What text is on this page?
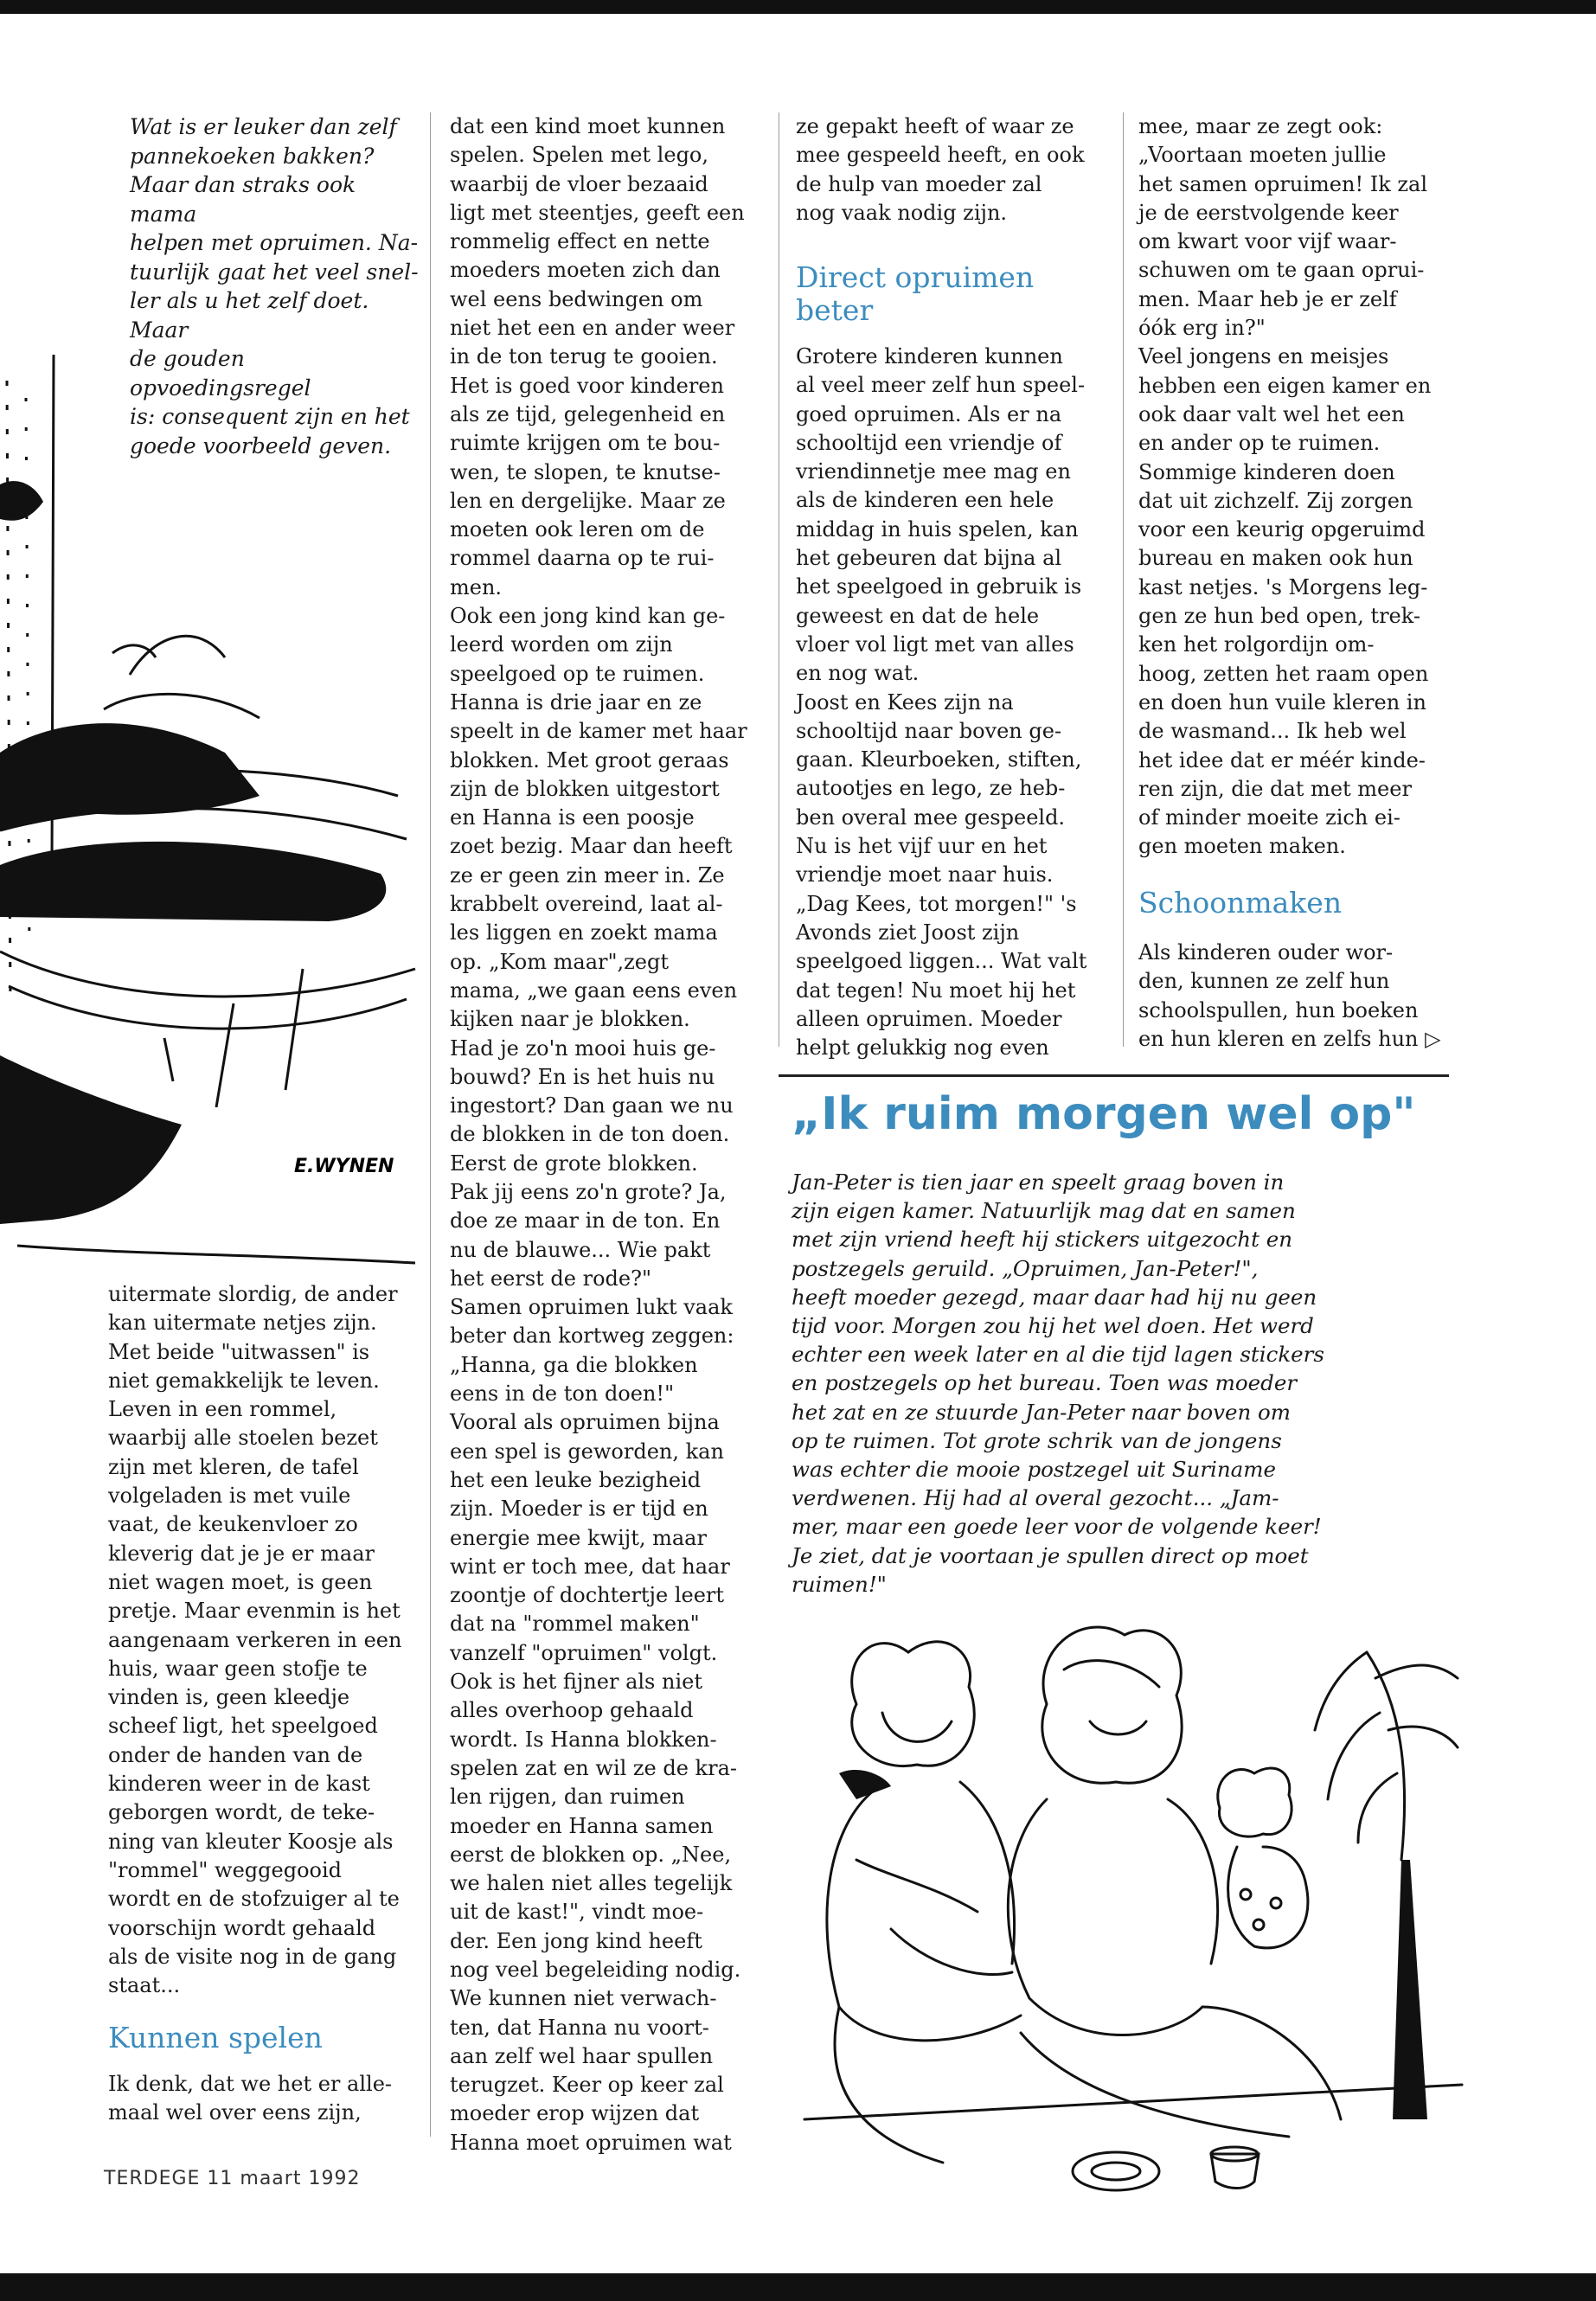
Wat is er leuker dan zelf
pannekoeken bakken?
Maar dan straks ook mama
helpen met opruimen. Na-
tuurlijk gaat het veel snel-
ler als u het zelf doet. Maar
de gouden opvoedingsregel
is: consequent zijn en het
goede voorbeeld geven.
E.WYNEN
uitermate slordig, de ander
kan uitermate netjes zijn.
Met beide "uitwassen" is
niet gemakkelijk te leven.
Leven in een rommel,
waarbij alle stoelen bezet
zijn met kleren, de tafel
volgeladen is met vuile
vaat, de keukenvloer zo
kleverig dat je je er maar
niet wagen moet, is geen
pretje. Maar evenmin is het
aangenaam verkeren in een
huis, waar geen stofje te
vinden is, geen kleedje
scheef ligt, het speelgoed
onder de handen van de
kinderen weer in de kast
geborgen wordt, de teke-
ning van kleuter Koosje als
"rommel" weggegooid
wordt en de stofzuiger al te
voorschijn wordt gehaald
als de visite nog in de gang
staat...
Kunnen spelen
Ik denk, dat we het er alle-
maal wel over eens zijn,
dat een kind moet kunnen
spelen. Spelen met lego,
waarbij de vloer bezaaid
ligt met steentjes, geeft een
rommelig effect en nette
moeders moeten zich dan
wel eens bedwingen om
niet het een en ander weer
in de ton terug te gooien.
Het is goed voor kinderen
als ze tijd, gelegenheid en
ruimte krijgen om te bou-
wen, te slopen, te knutse-
len en dergelijke. Maar ze
moeten ook leren om de
rommel daarna op te rui-
men.
Ook een jong kind kan ge-
leerd worden om zijn
speelgoed op te ruimen.
Hanna is drie jaar en ze
speelt in de kamer met haar
blokken. Met groot geraas
zijn de blokken uitgestort
en Hanna is een poosje
zoet bezig. Maar dan heeft
ze er geen zin meer in. Ze
krabbelt overeind, laat al-
les liggen en zoekt mama
op. „Kom maar",zegt
mama, „we gaan eens even
kijken naar je blokken.
Had je zo'n mooi huis ge-
bouwd? En is het huis nu
ingestort? Dan gaan we nu
de blokken in de ton doen.
Eerst de grote blokken.
Pak jij eens zo'n grote? Ja,
doe ze maar in de ton. En
nu de blauwe... Wie pakt
het eerst de rode?"
Samen opruimen lukt vaak
beter dan kortweg zeggen:
„Hanna, ga die blokken
eens in de ton doen!"
Vooral als opruimen bijna
een spel is geworden, kan
het een leuke bezigheid
zijn. Moeder is er tijd en
energie mee kwijt, maar
wint er toch mee, dat haar
zoontje of dochtertje leert
dat na "rommel maken"
vanzelf "opruimen" volgt.
Ook is het fijner als niet
alles overhoop gehaald
wordt. Is Hanna blokken-
spelen zat en wil ze de kra-
len rijgen, dan ruimen
moeder en Hanna samen
eerst de blokken op. „Nee,
we halen niet alles tegelijk
uit de kast!", vindt moe-
der. Een jong kind heeft
nog veel begeleiding nodig.
We kunnen niet verwach-
ten, dat Hanna nu voort-
aan zelf wel haar spullen
terugzet. Keer op keer zal
moeder erop wijzen dat
Hanna moet opruimen wat
ze gepakt heeft of waar ze
mee gespeeld heeft, en ook
de hulp van moeder zal
nog vaak nodig zijn.
Direct opruimen
beter
Grotere kinderen kunnen
al veel meer zelf hun speel-
goed opruimen. Als er na
schooltijd een vriendje of
vriendinnetje mee mag en
als de kinderen een hele
middag in huis spelen, kan
het gebeuren dat bijna al
het speelgoed in gebruik is
geweest en dat de hele
vloer vol ligt met van alles
en nog wat.
Joost en Kees zijn na
schooltijd naar boven ge-
gaan. Kleurboeken, stiften,
autootjes en lego, ze heb-
ben overal mee gespeeld.
Nu is het vijf uur en het
vriendje moet naar huis.
„Dag Kees, tot morgen!" 's
Avonds ziet Joost zijn
speelgoed liggen... Wat valt
dat tegen! Nu moet hij het
alleen opruimen. Moeder
helpt gelukkig nog even
mee, maar ze zegt ook:
„Voortaan moeten jullie
het samen opruimen! Ik zal
je de eerstvolgende keer
om kwart voor vijf waar-
schuwen om te gaan oprui-
men. Maar heb je er zelf
óók erg in?"
Veel jongens en meisjes
hebben een eigen kamer en
ook daar valt wel het een
en ander op te ruimen.
Sommige kinderen doen
dat uit zichzelf. Zij zorgen
voor een keurig opgeruimd
bureau en maken ook hun
kast netjes. 's Morgens leg-
gen ze hun bed open, trek-
ken het rolgordijn om-
hoog, zetten het raam open
en doen hun vuile kleren in
de wasmand... Ik heb wel
het idee dat er méér kinde-
ren zijn, die dat met meer
of minder moeite zich ei-
gen moeten maken.
Schoonmaken
Als kinderen ouder wor-
den, kunnen ze zelf hun
schoolspullen, hun boeken
en hun kleren en zelfs hun ▷
„Ik ruim morgen wel op"
Jan-Peter is tien jaar en speelt graag boven in
zijn eigen kamer. Natuurlijk mag dat en samen
met zijn vriend heeft hij stickers uitgezocht en
postzegels geruild. „Opruimen, Jan-Peter!",
heeft moeder gezegd, maar daar had hij nu geen
tijd voor. Morgen zou hij het wel doen. Het werd
echter een week later en al die tijd lagen stickers
en postzegels op het bureau. Toen was moeder
het zat en ze stuurde Jan-Peter naar boven om
op te ruimen. Tot grote schrik van de jongens
was echter die mooie postzegel uit Suriname
verdwenen. Hij had al overal gezocht... „Jam-
mer, maar een goede leer voor de volgende keer!
Je ziet, dat je voortaan je spullen direct op moet
ruimen!"
TERDEGE 11 maart 1992
